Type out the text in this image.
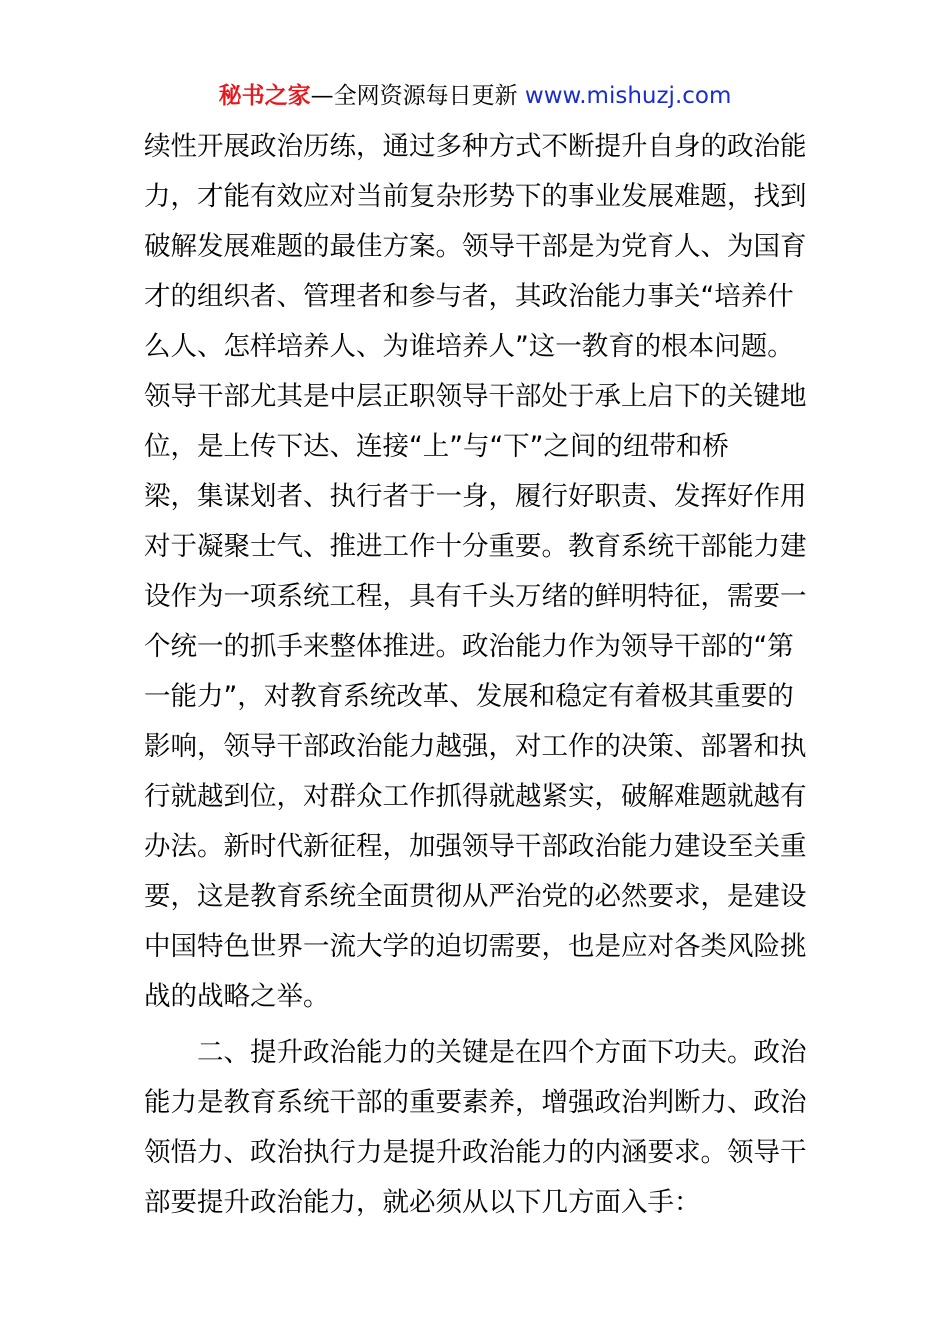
秘书之家—全网资源每日更新 www.mishuzj.com
续性开展政治历练，通过多种方式不断提升自身的政治能
力，才能有效应对当前复杂形势下的事业发展难题，找到
破解发展难题的最佳方案。领导干部是为党育人、为国育
才的组织者、管理者和参与者，其政治能力事关“培养什
么人、怎样培养人、为谁培养人”这一教育的根本问题。
领导干部尤其是中层正职领导干部处于承上启下的关键地
位，是上传下达、连接“上”与“下”之间的纽带和桥
梁，集谋划者、执行者于一身，履行好职责、发挥好作用
对于凝聚士气、推进工作十分重要。教育系统干部能力建
设作为一项系统工程，具有千头万绪的鲜明特征，需要一
个统一的抓手来整体推进。政治能力作为领导干部的“第
一能力”，对教育系统改革、发展和稳定有着极其重要的
影响，领导干部政治能力越强，对工作的决策、部署和执
行就越到位，对群众工作抓得就越紧实，破解难题就越有
办法。新时代新征程，加强领导干部政治能力建设至关重
要，这是教育系统全面贯彻从严治党的必然要求，是建设
中国特色世界一流大学的迫切需要，也是应对各类风险挑
战的战略之举。
二、提升政治能力的关键是在四个方面下功夫。政治
能力是教育系统干部的重要素养，增强政治判断力、政治
领悟力、政治执行力是提升政治能力的内涵要求。领导干
部要提升政治能力，就必须从以下几方面入手：
